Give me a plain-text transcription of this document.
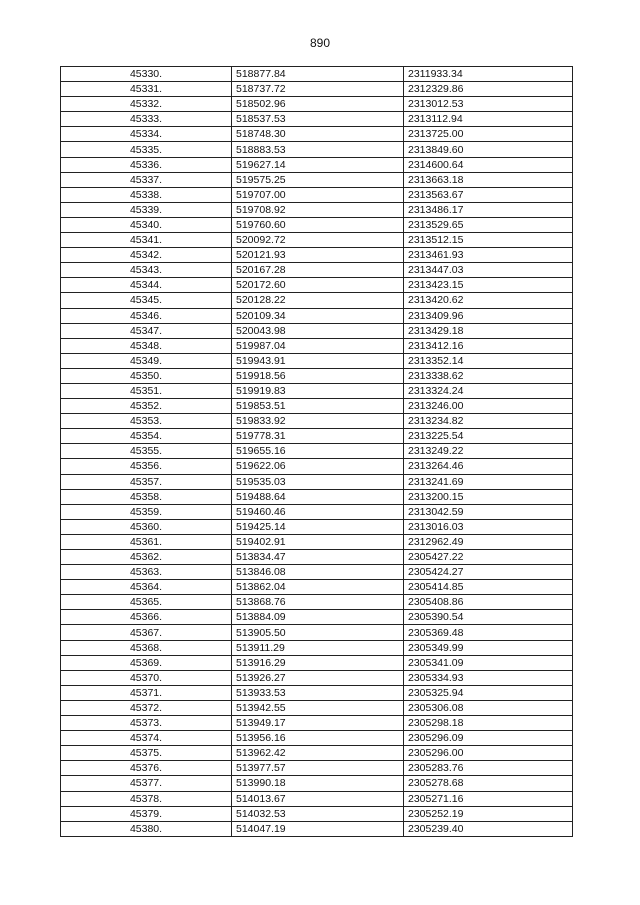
890
45330.	518877.84	2311933.34
45331.	518737.72	2312329.86
45332.	518502.96	2313012.53
45333.	518537.53	2313112.94
45334.	518748.30	2313725.00
45335.	518883.53	2313849.60
45336.	519627.14	2314600.64
45337.	519575.25	2313663.18
45338.	519707.00	2313563.67
45339.	519708.92	2313486.17
45340.	519760.60	2313529.65
45341.	520092.72	2313512.15
45342.	520121.93	2313461.93
45343.	520167.28	2313447.03
45344.	520172.60	2313423.15
45345.	520128.22	2313420.62
45346.	520109.34	2313409.96
45347.	520043.98	2313429.18
45348.	519987.04	2313412.16
45349.	519943.91	2313352.14
45350.	519918.56	2313338.62
45351.	519919.83	2313324.24
45352.	519853.51	2313246.00
45353.	519833.92	2313234.82
45354.	519778.31	2313225.54
45355.	519655.16	2313249.22
45356.	519622.06	2313264.46
45357.	519535.03	2313241.69
45358.	519488.64	2313200.15
45359.	519460.46	2313042.59
45360.	519425.14	2313016.03
45361.	519402.91	2312962.49
45362.	513834.47	2305427.22
45363.	513846.08	2305424.27
45364.	513862.04	2305414.85
45365.	513868.76	2305408.86
45366.	513884.09	2305390.54
45367.	513905.50	2305369.48
45368.	513911.29	2305349.99
45369.	513916.29	2305341.09
45370.	513926.27	2305334.93
45371.	513933.53	2305325.94
45372.	513942.55	2305306.08
45373.	513949.17	2305298.18
45374.	513956.16	2305296.09
45375.	513962.42	2305296.00
45376.	513977.57	2305283.76
45377.	513990.18	2305278.68
45378.	514013.67	2305271.16
45379.	514032.53	2305252.19
45380.	514047.19	2305239.40
